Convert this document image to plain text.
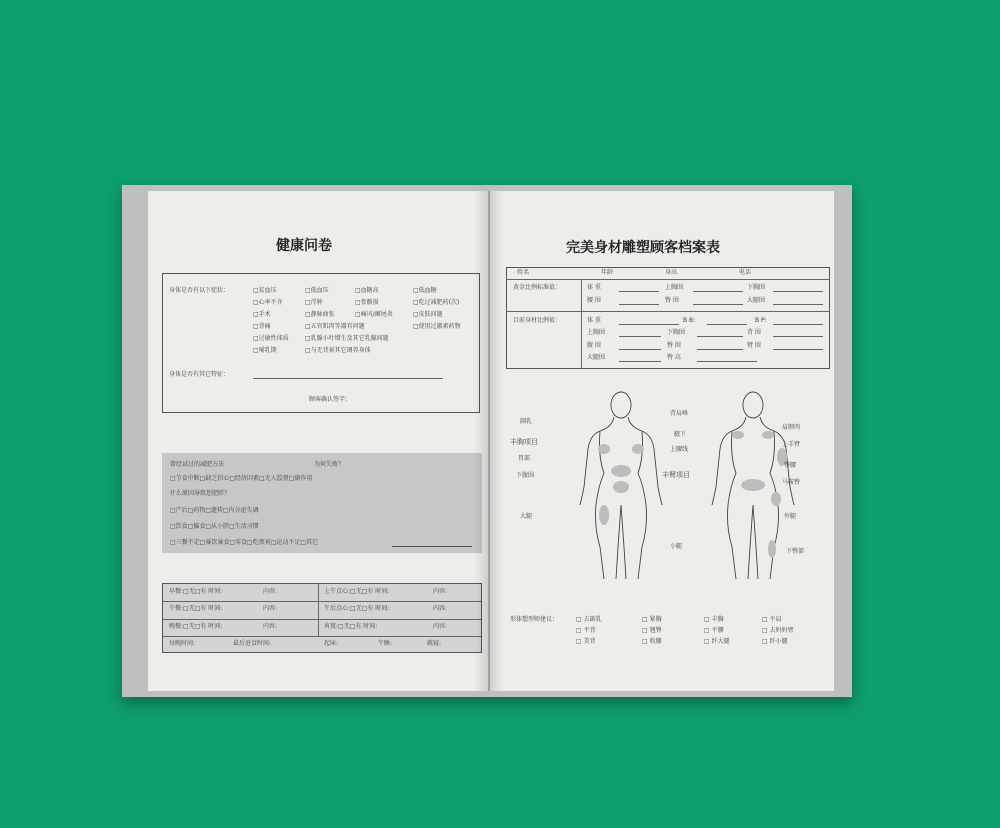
健康问卷
身体是否有以下症状：	□贫血压	□低血压	□血糖高	□低血糖
□心率不齐	□浮肿	□骨骼损	□吃过减肥药(次)
□手术	□静脉曲张	□痛风/阑尾炎	□皮肤问题
□背痛	□五官肌肉等器官问题	□使用过激素药物
□过敏性体质	□乳腺小叶增生及其它乳腺问题
□哺乳期	□与无背景其它调养身体
身体是否有其它特征：
顾客确认签字：
曾经试过的减肥方法	为何失败？
□节食中断□缺乏信心□经济因素□无人监督□副作用
什么原因导致您肥胖？
□产后□药物□遗传□内分泌失调
□饮食□偏食□从小胖□生活习惯
□三餐不定□暴饮暴食□零食□吃夜宵□运动不足□其它
早餐:□无□有 时间:	内容:	上午点心:□无□有 时间:	内容:
午餐:□无□有 时间:	内容:	午后点心:□无□有 时间:	内容:
晚餐:□无□有 时间:	内容:	宵夜:□无□有 时间:	内容:
每晚时间:	最后进食时间:	起床:	午睡:	就寝:
完美身材雕塑顾客档案表
姓名	年龄	身高	电话
黄金比例标准值：	体 重	上胸围	下胸围
腰 围	臀 围	大腿围
目前身材比例值：	体 重	B B:	B P:
上胸围	下胸围	背 围
腹 围	臀 围	臂 围
大腿围	臀 高
副乳
丰胸项目
胃部
下腹围
大腿
背肩峰
腋下
上腰线
丰臂项目
小腿
肩胛肉
上手臂
臀腰
马鞍臀
外腿
下臀部
形体塑型师建议：	□ 去副乳	□ 紧胸	□ 丰胸	□ 平肩
□ 平背	□ 翘臀	□ 平腰	□ 去妈妈臂
□ 美背	□ 收腰	□ 纤大腿	□ 纤小腿
